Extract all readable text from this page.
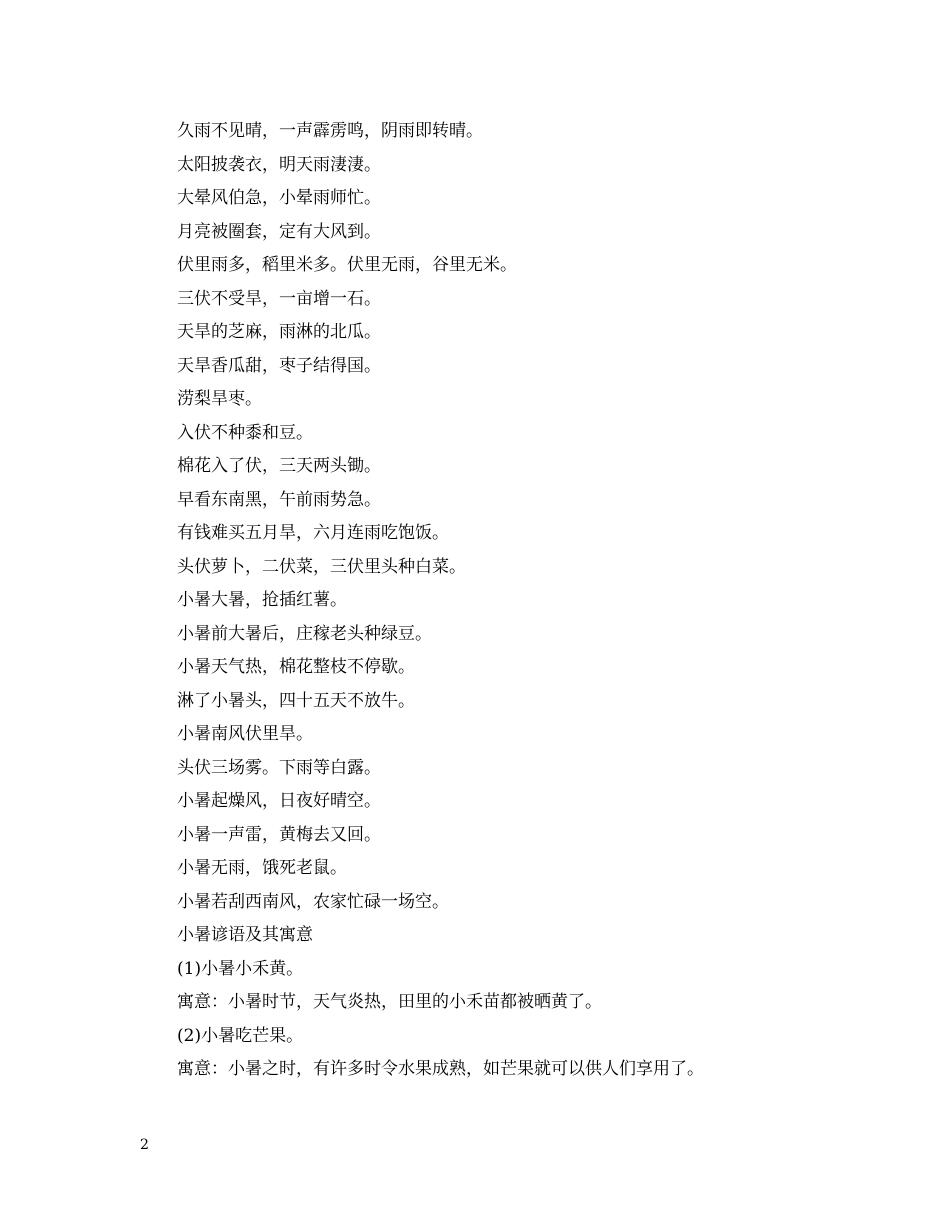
久雨不见晴，一声霹雳鸣，阴雨即转晴。
太阳披袭衣，明天雨淒淒。
大晕风伯急，小晕雨师忙。
月亮被圈套，定有大风到。
伏里雨多，稻里米多。伏里无雨，谷里无米。
三伏不受旱，一亩增一石。
天旱的芝麻，雨淋的北瓜。
天旱香瓜甜，枣子结得国。
涝梨旱枣。
入伏不种黍和豆。
棉花入了伏，三天两头锄。
早看东南黑，午前雨势急。
有钱难买五月旱，六月连雨吃饱饭。
头伏萝卜，二伏菜，三伏里头种白菜。
小暑大暑，抢插红薯。
小暑前大暑后，庄稼老头种绿豆。
小暑天气热，棉花整枝不停歇。
淋了小暑头，四十五天不放牛。
小暑南风伏里旱。
头伏三场雾。下雨等白露。
小暑起燥风，日夜好晴空。
小暑一声雷，黄梅去又回。
小暑无雨，饿死老鼠。
小暑若刮西南风，农家忙碌一场空。
小暑谚语及其寓意
(1)小暑小禾黄。
寓意：小暑时节，天气炎热，田里的小禾苗都被晒黄了。
(2)小暑吃芒果。
寓意：小暑之时，有许多时令水果成熟，如芒果就可以供人们享用了。
2
